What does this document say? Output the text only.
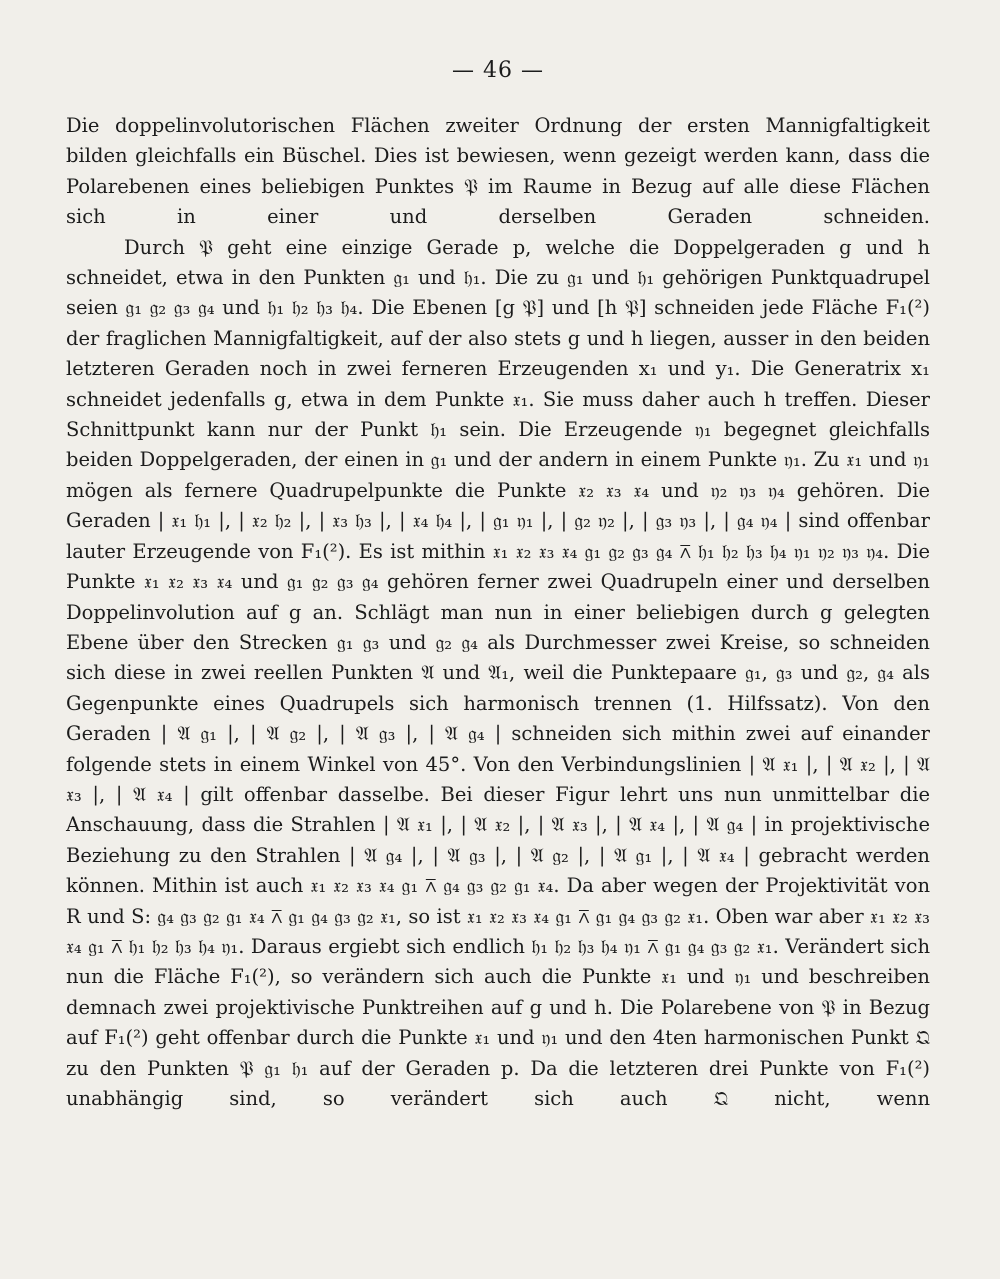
— 46 —

Die doppelinvolutorischen Flächen zweiter Ordnung der ersten Mannigfaltigkeit bilden gleichfalls ein Büschel. Dies ist bewiesen, wenn gezeigt werden kann, dass die Polarebenen eines beliebigen Punktes 𝔓 im Raume in Bezug auf alle diese Flächen sich in einer und derselben Geraden schneiden.

Durch 𝔓 geht eine einzige Gerade p, welche die Doppelgeraden g und h schneidet, etwa in den Punkten 𝔤₁ und 𝔥₁. Die zu 𝔤₁ und 𝔥₁ gehörigen Punktquadrupel seien 𝔤₁ 𝔤₂ 𝔤₃ 𝔤₄ und 𝔥₁ 𝔥₂ 𝔥₃ 𝔥₄. Die Ebenen [g 𝔓] und [h 𝔓] schneiden jede Fläche F₁(²) der fraglichen Mannigfaltigkeit, auf der also stets g und h liegen, ausser in den beiden letzteren Geraden noch in zwei ferneren Erzeugenden x₁ und y₁. Die Generatrix x₁ schneidet jedenfalls g, etwa in dem Punkte 𝔵₁. Sie muss daher auch h treffen. Dieser Schnittpunkt kann nur der Punkt 𝔥₁ sein. Die Erzeugende 𝔶₁ begegnet gleichfalls beiden Doppelgeraden, der einen in 𝔤₁ und der andern in einem Punkte 𝔶₁. Zu 𝔵₁ und 𝔶₁ mögen als fernere Quadrupelpunkte die Punkte 𝔵₂ 𝔵₃ 𝔵₄ und 𝔶₂ 𝔶₃ 𝔶₄ gehören. Die Geraden | 𝔵₁ 𝔥₁ |, | 𝔵₂ 𝔥₂ |, | 𝔵₃ 𝔥₃ |, | 𝔵₄ 𝔥₄ |, | 𝔤₁ 𝔶₁ |, | 𝔤₂ 𝔶₂ |, | 𝔤₃ 𝔶₃ |, | 𝔤₄ 𝔶₄ | sind offenbar lauter Erzeugende von F₁(²). Es ist mithin 𝔵₁ 𝔵₂ 𝔵₃ 𝔵₄ 𝔤₁ 𝔤₂ 𝔤₃ 𝔤₄ ⊼ 𝔥₁ 𝔥₂ 𝔥₃ 𝔥₄ 𝔶₁ 𝔶₂ 𝔶₃ 𝔶₄. Die Punkte 𝔵₁ 𝔵₂ 𝔵₃ 𝔵₄ und 𝔤₁ 𝔤₂ 𝔤₃ 𝔤₄ gehören ferner zwei Quadrupeln einer und derselben Doppelinvolution auf g an. Schlägt man nun in einer beliebigen durch g gelegten Ebene über den Strecken 𝔤₁ 𝔤₃ und 𝔤₂ 𝔤₄ als Durchmesser zwei Kreise, so schneiden sich diese in zwei reellen Punkten 𝔄 und 𝔄₁, weil die Punktepaare 𝔤₁, 𝔤₃ und 𝔤₂, 𝔤₄ als Gegenpunkte eines Quadrupels sich harmonisch trennen (1. Hilfssatz). Von den Geraden | 𝔄 𝔤₁ |, | 𝔄 𝔤₂ |, | 𝔄 𝔤₃ |, | 𝔄 𝔤₄ | schneiden sich mithin zwei auf einander folgende stets in einem Winkel von 45°. Von den Verbindungslinien | 𝔄 𝔵₁ |, | 𝔄 𝔵₂ |, | 𝔄 𝔵₃ |, | 𝔄 𝔵₄ | gilt offenbar dasselbe. Bei dieser Figur lehrt uns nun unmittelbar die Anschauung, dass die Strahlen | 𝔄 𝔵₁ |, | 𝔄 𝔵₂ |, | 𝔄 𝔵₃ |, | 𝔄 𝔵₄ |, | 𝔄 𝔤₄ | in projektivische Beziehung zu den Strahlen | 𝔄 𝔤₄ |, | 𝔄 𝔤₃ |, | 𝔄 𝔤₂ |, | 𝔄 𝔤₁ |, | 𝔄 𝔵₄ | gebracht werden können. Mithin ist auch 𝔵₁ 𝔵₂ 𝔵₃ 𝔵₄ 𝔤₁ ⊼ 𝔤₄ 𝔤₃ 𝔤₂ 𝔤₁ 𝔵₄. Da aber wegen der Projektivität von R und S: 𝔤₄ 𝔤₃ 𝔤₂ 𝔤₁ 𝔵₄ ⊼ 𝔤₁ 𝔤₄ 𝔤₃ 𝔤₂ 𝔵₁, so ist 𝔵₁ 𝔵₂ 𝔵₃ 𝔵₄ 𝔤₁ ⊼ 𝔤₁ 𝔤₄ 𝔤₃ 𝔤₂ 𝔵₁. Oben war aber 𝔵₁ 𝔵₂ 𝔵₃ 𝔵₄ 𝔤₁ ⊼ 𝔥₁ 𝔥₂ 𝔥₃ 𝔥₄ 𝔶₁. Daraus ergiebt sich endlich 𝔥₁ 𝔥₂ 𝔥₃ 𝔥₄ 𝔶₁ ⊼ 𝔤₁ 𝔤₄ 𝔤₃ 𝔤₂ 𝔵₁. Verändert sich nun die Fläche F₁(²), so verändern sich auch die Punkte 𝔵₁ und 𝔶₁ und beschreiben demnach zwei projektivische Punktreihen auf g und h. Die Polarebene von 𝔓 in Bezug auf F₁(²) geht offenbar durch die Punkte 𝔵₁ und 𝔶₁ und den 4ten harmonischen Punkt 𝔔 zu den Punkten 𝔓 𝔤₁ 𝔥₁ auf der Geraden p. Da die letzteren drei Punkte von F₁(²) unabhängig sind, so verändert sich auch 𝔔 nicht, wenn
